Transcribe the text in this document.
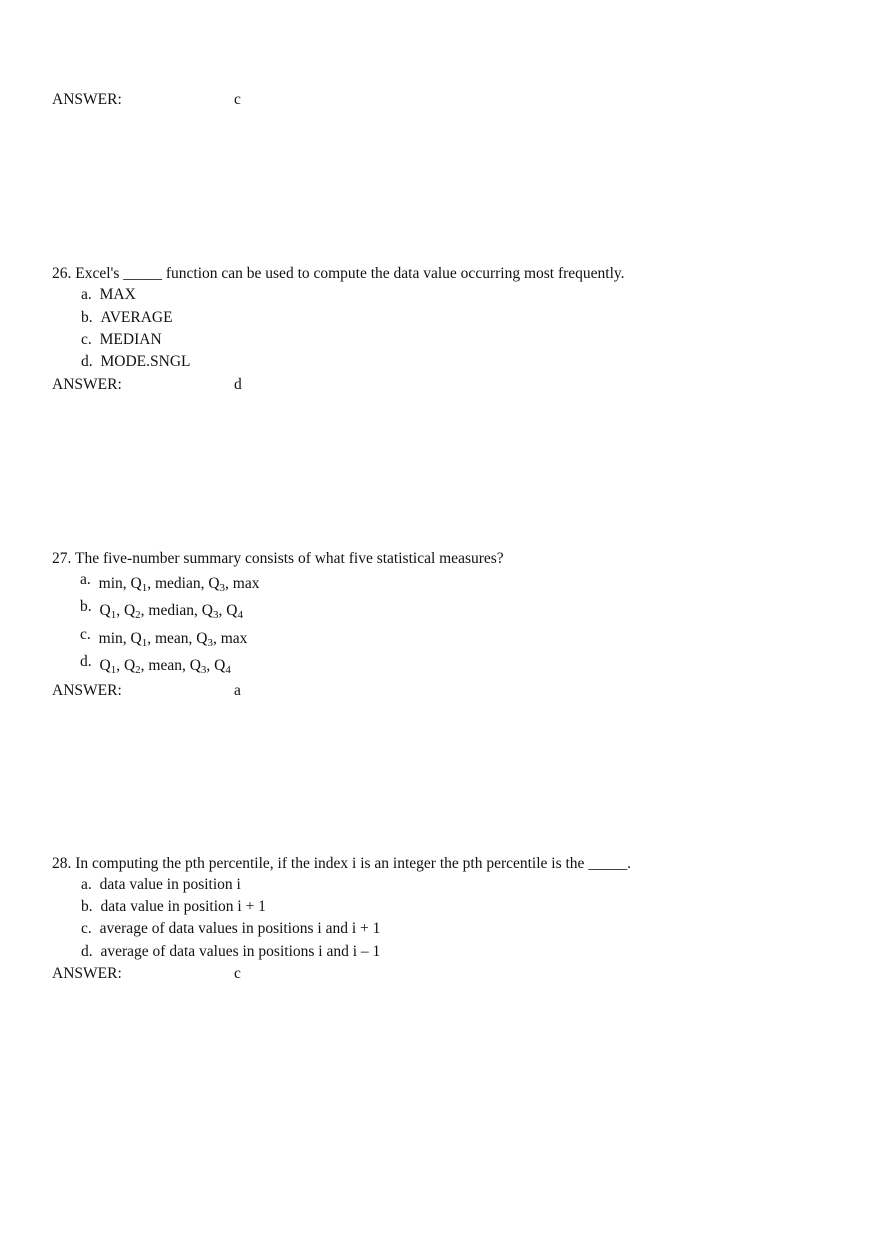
ANSWER:	c
26. Excel's _____ function can be used to compute the data value occurring most frequently.
a. MAX
b. AVERAGE
c. MEDIAN
d. MODE.SNGL
ANSWER:	d
27. The five-number summary consists of what five statistical measures?
a. min, $Q_1$, median, $Q_3$, max
b. $Q_1$, $Q_2$, median, $Q_3$, $Q_4$
c. min, $Q_1$, mean, $Q_3$, max
d. $Q_1$, $Q_2$, mean, $Q_3$, $Q_4$
ANSWER:	a
28. In computing the pth percentile, if the index i is an integer the pth percentile is the _____.
a. data value in position i
b. data value in position i + 1
c. average of data values in positions i and i + 1
d. average of data values in positions i and i – 1
ANSWER:	c
